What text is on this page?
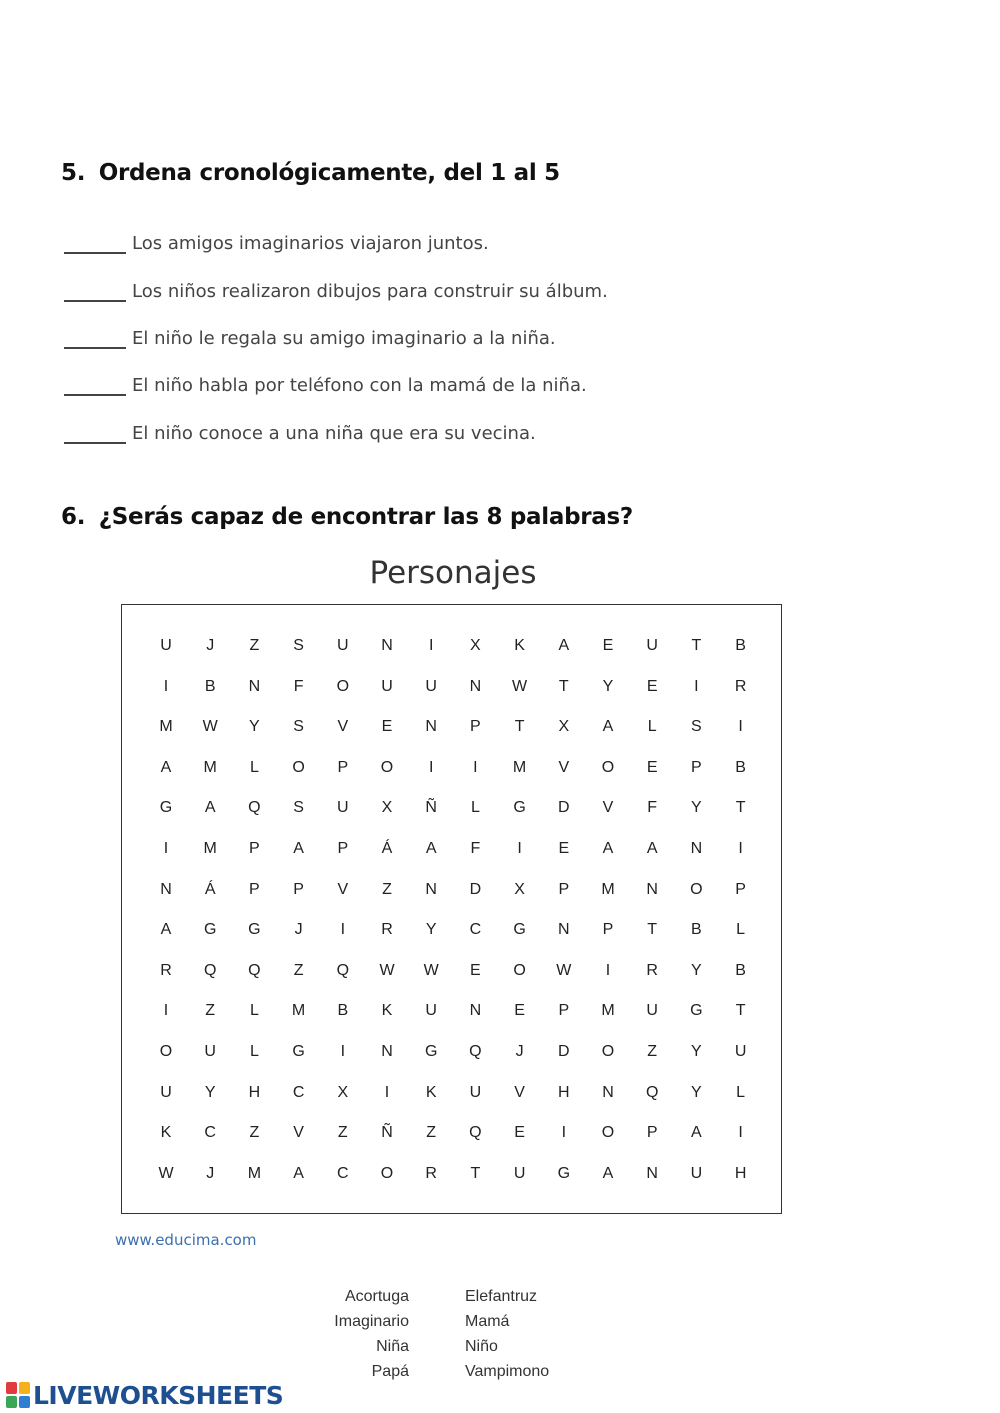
5. Ordena cronológicamente, del 1 al 5
Los amigos imaginarios viajaron juntos.
Los niños realizaron dibujos para construir su álbum.
El niño le regala su amigo imaginario a la niña.
El niño habla por teléfono con la mamá de la niña.
El niño conoce a una niña que era su vecina.
6. ¿Serás capaz de encontrar las 8 palabras?
Personajes
U	J	Z	S	U	N	I	X	K	A	E	U	T	B
I	B	N	F	O	U	U	N	W	T	Y	E	I	R
M	W	Y	S	V	E	N	P	T	X	A	L	S	I
A	M	L	O	P	O	I	I	M	V	O	E	P	B
G	A	Q	S	U	X	Ñ	L	G	D	V	F	Y	T
I	M	P	A	P	Á	A	F	I	E	A	A	N	I
N	Á	P	P	V	Z	N	D	X	P	M	N	O	P
A	G	G	J	I	R	Y	C	G	N	P	T	B	L
R	Q	Q	Z	Q	W	W	E	O	W	I	R	Y	B
I	Z	L	M	B	K	U	N	E	P	M	U	G	T
O	U	L	G	I	N	G	Q	J	D	O	Z	Y	U
U	Y	H	C	X	I	K	U	V	H	N	Q	Y	L
K	C	Z	V	Z	Ñ	Z	Q	E	I	O	P	A	I
W	J	M	A	C	O	R	T	U	G	A	N	U	H
www.educima.com
Acortuga
Imaginario
Niña
Papá
Elefantruz
Mamá
Niño
Vampimono
LIVEWORKSHEETS
